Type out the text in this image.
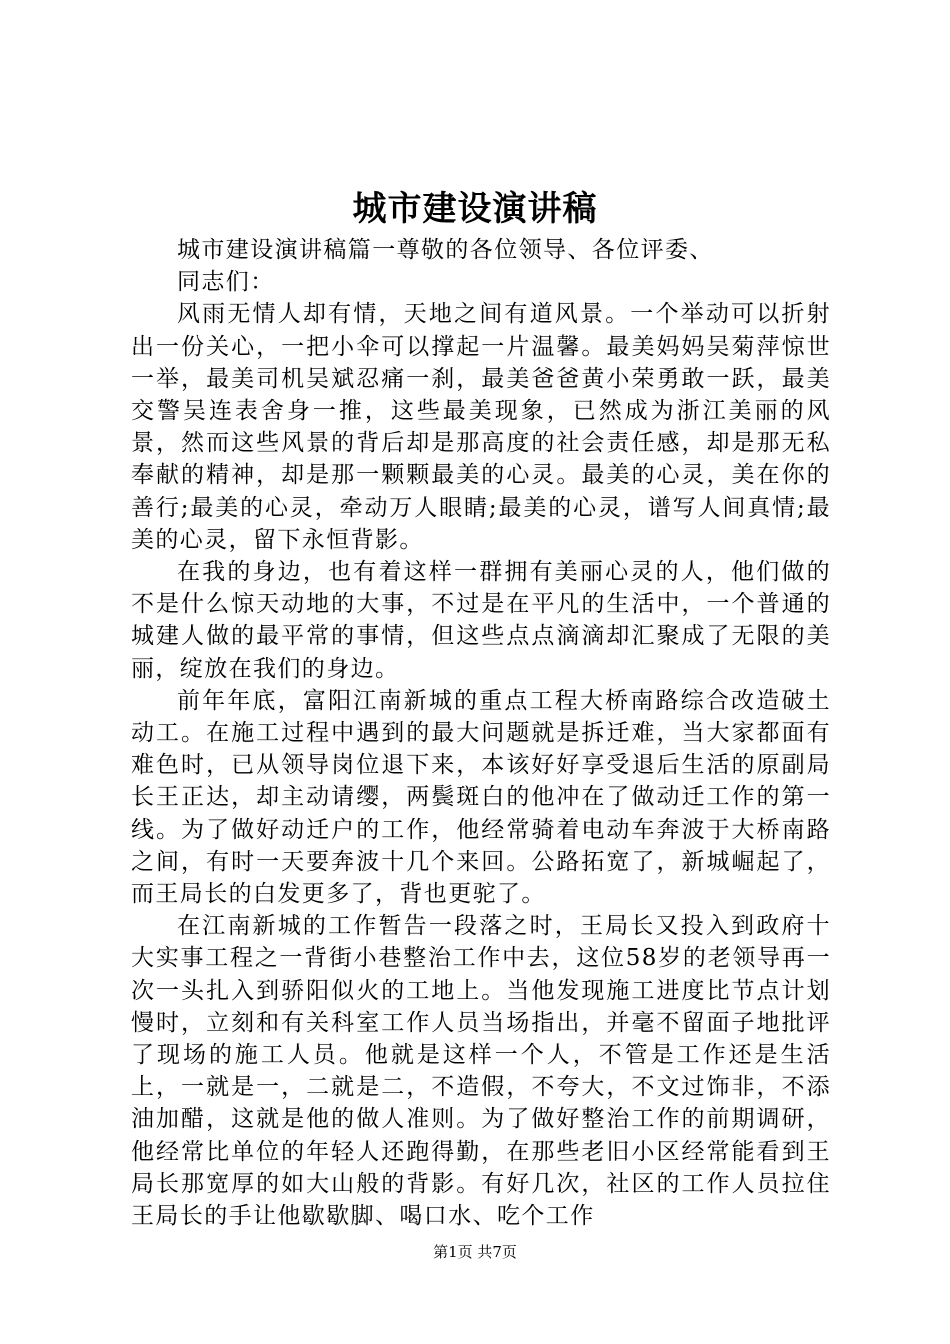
城市建设演讲稿

城市建设演讲稿篇一尊敬的各位领导、各位评委、

同志们：

风雨无情人却有情，天地之间有道风景。一个举动可以折射出一份关心，一把小伞可以撑起一片温馨。最美妈妈吴菊萍惊世一举，最美司机吴斌忍痛一刹，最美爸爸黄小荣勇敢一跃，最美交警吴连表舍身一推，这些最美现象，已然成为浙江美丽的风景，然而这些风景的背后却是那高度的社会责任感，却是那无私奉献的精神，却是那一颗颗最美的心灵。最美的心灵，美在你的善行;最美的心灵，牵动万人眼睛;最美的心灵，谱写人间真情;最美的心灵，留下永恒背影。

在我的身边，也有着这样一群拥有美丽心灵的人，他们做的不是什么惊天动地的大事，不过是在平凡的生活中，一个普通的城建人做的最平常的事情，但这些点点滴滴却汇聚成了无限的美丽，绽放在我们的身边。

前年年底，富阳江南新城的重点工程大桥南路综合改造破土动工。在施工过程中遇到的最大问题就是拆迁难，当大家都面有难色时，已从领导岗位退下来，本该好好享受退后生活的原副局长王正达，却主动请缨，两鬓斑白的他冲在了做动迁工作的第一线。为了做好动迁户的工作，他经常骑着电动车奔波于大桥南路之间，有时一天要奔波十几个来回。公路拓宽了，新城崛起了，而王局长的白发更多了，背也更驼了。

在江南新城的工作暂告一段落之时，王局长又投入到政府十大实事工程之一背街小巷整治工作中去，这位58岁的老领导再一次一头扎入到骄阳似火的工地上。当他发现施工进度比节点计划慢时，立刻和有关科室工作人员当场指出，并毫不留面子地批评了现场的施工人员。他就是这样一个人，不管是工作还是生活上，一就是一，二就是二，不造假，不夸大，不文过饰非，不添油加醋，这就是他的做人准则。为了做好整治工作的前期调研，他经常比单位的年轻人还跑得勤，在那些老旧小区经常能看到王局长那宽厚的如大山般的背影。有好几次，社区的工作人员拉住王局长的手让他歇歇脚、喝口水、吃个工作

第1页 共7页
